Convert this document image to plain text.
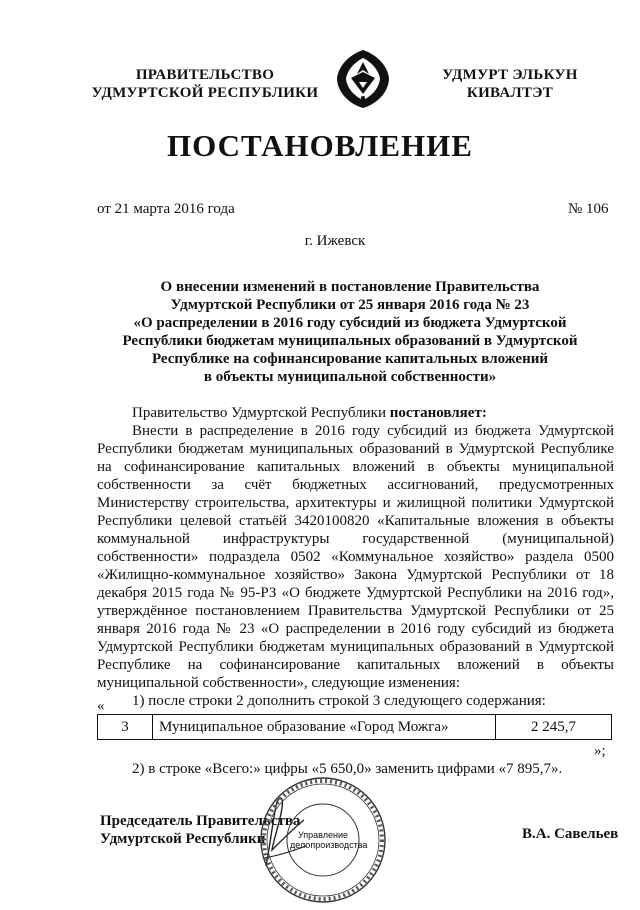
ПРАВИТЕЛЬСТВО
УДМУРТСКОЙ РЕСПУБЛИКИ
УДМУРТ ЭЛЬКУН
КИВАЛТЭТ
ПОСТАНОВЛЕНИЕ
от 21 марта 2016 года	№ 106
г. Ижевск
О внесении изменений в постановление Правительства
Удмуртской Республики от 25 января 2016 года № 23
«О распределении в 2016 году субсидий из бюджета Удмуртской
Республики бюджетам муниципальных образований в Удмуртской
Республике на софинансирование капитальных вложений
в объекты муниципальной собственности»

Правительство Удмуртской Республики постановляет:

Внести в распределение в 2016 году субсидий из бюджета Удмуртской Республики бюджетам муниципальных образований в Удмуртской Республике на софинансирование капитальных вложений в объекты муниципальной собственности за счёт бюджетных ассигнований, предусмотренных Министерству строительства, архитектуры и жилищной политики Удмуртской Республики целевой статьёй 3420100820 «Капитальные вложения в объекты коммунальной инфраструктуры государственной (муниципальной) собственности» подраздела 0502 «Коммунальное хозяйство» раздела 0500 «Жилищно-коммунальное хозяйство» Закона Удмуртской Республики от 18 декабря 2015 года № 95-РЗ «О бюджете Удмуртской Республики на 2016 год», утверждённое постановлением Правительства Удмуртской Республики от 25 января 2016 года № 23 «О распределении в 2016 году субсидий из бюджета Удмуртской Республики бюджетам муниципальных образований в Удмуртской Республике на софинансирование капитальных вложений в объекты муниципальной собственности», следующие изменения:

1) после строки 2 дополнить строкой 3 следующего содержания:

«
3	Муниципальное образование «Город Можга»	2 245,7
»;
2) в строке «Всего:» цифры «5 650,0» заменить цифрами «7 895,7».
Председатель Правительства
Удмуртской Республики	В.А. Савельев
Управление
делопроизводства
